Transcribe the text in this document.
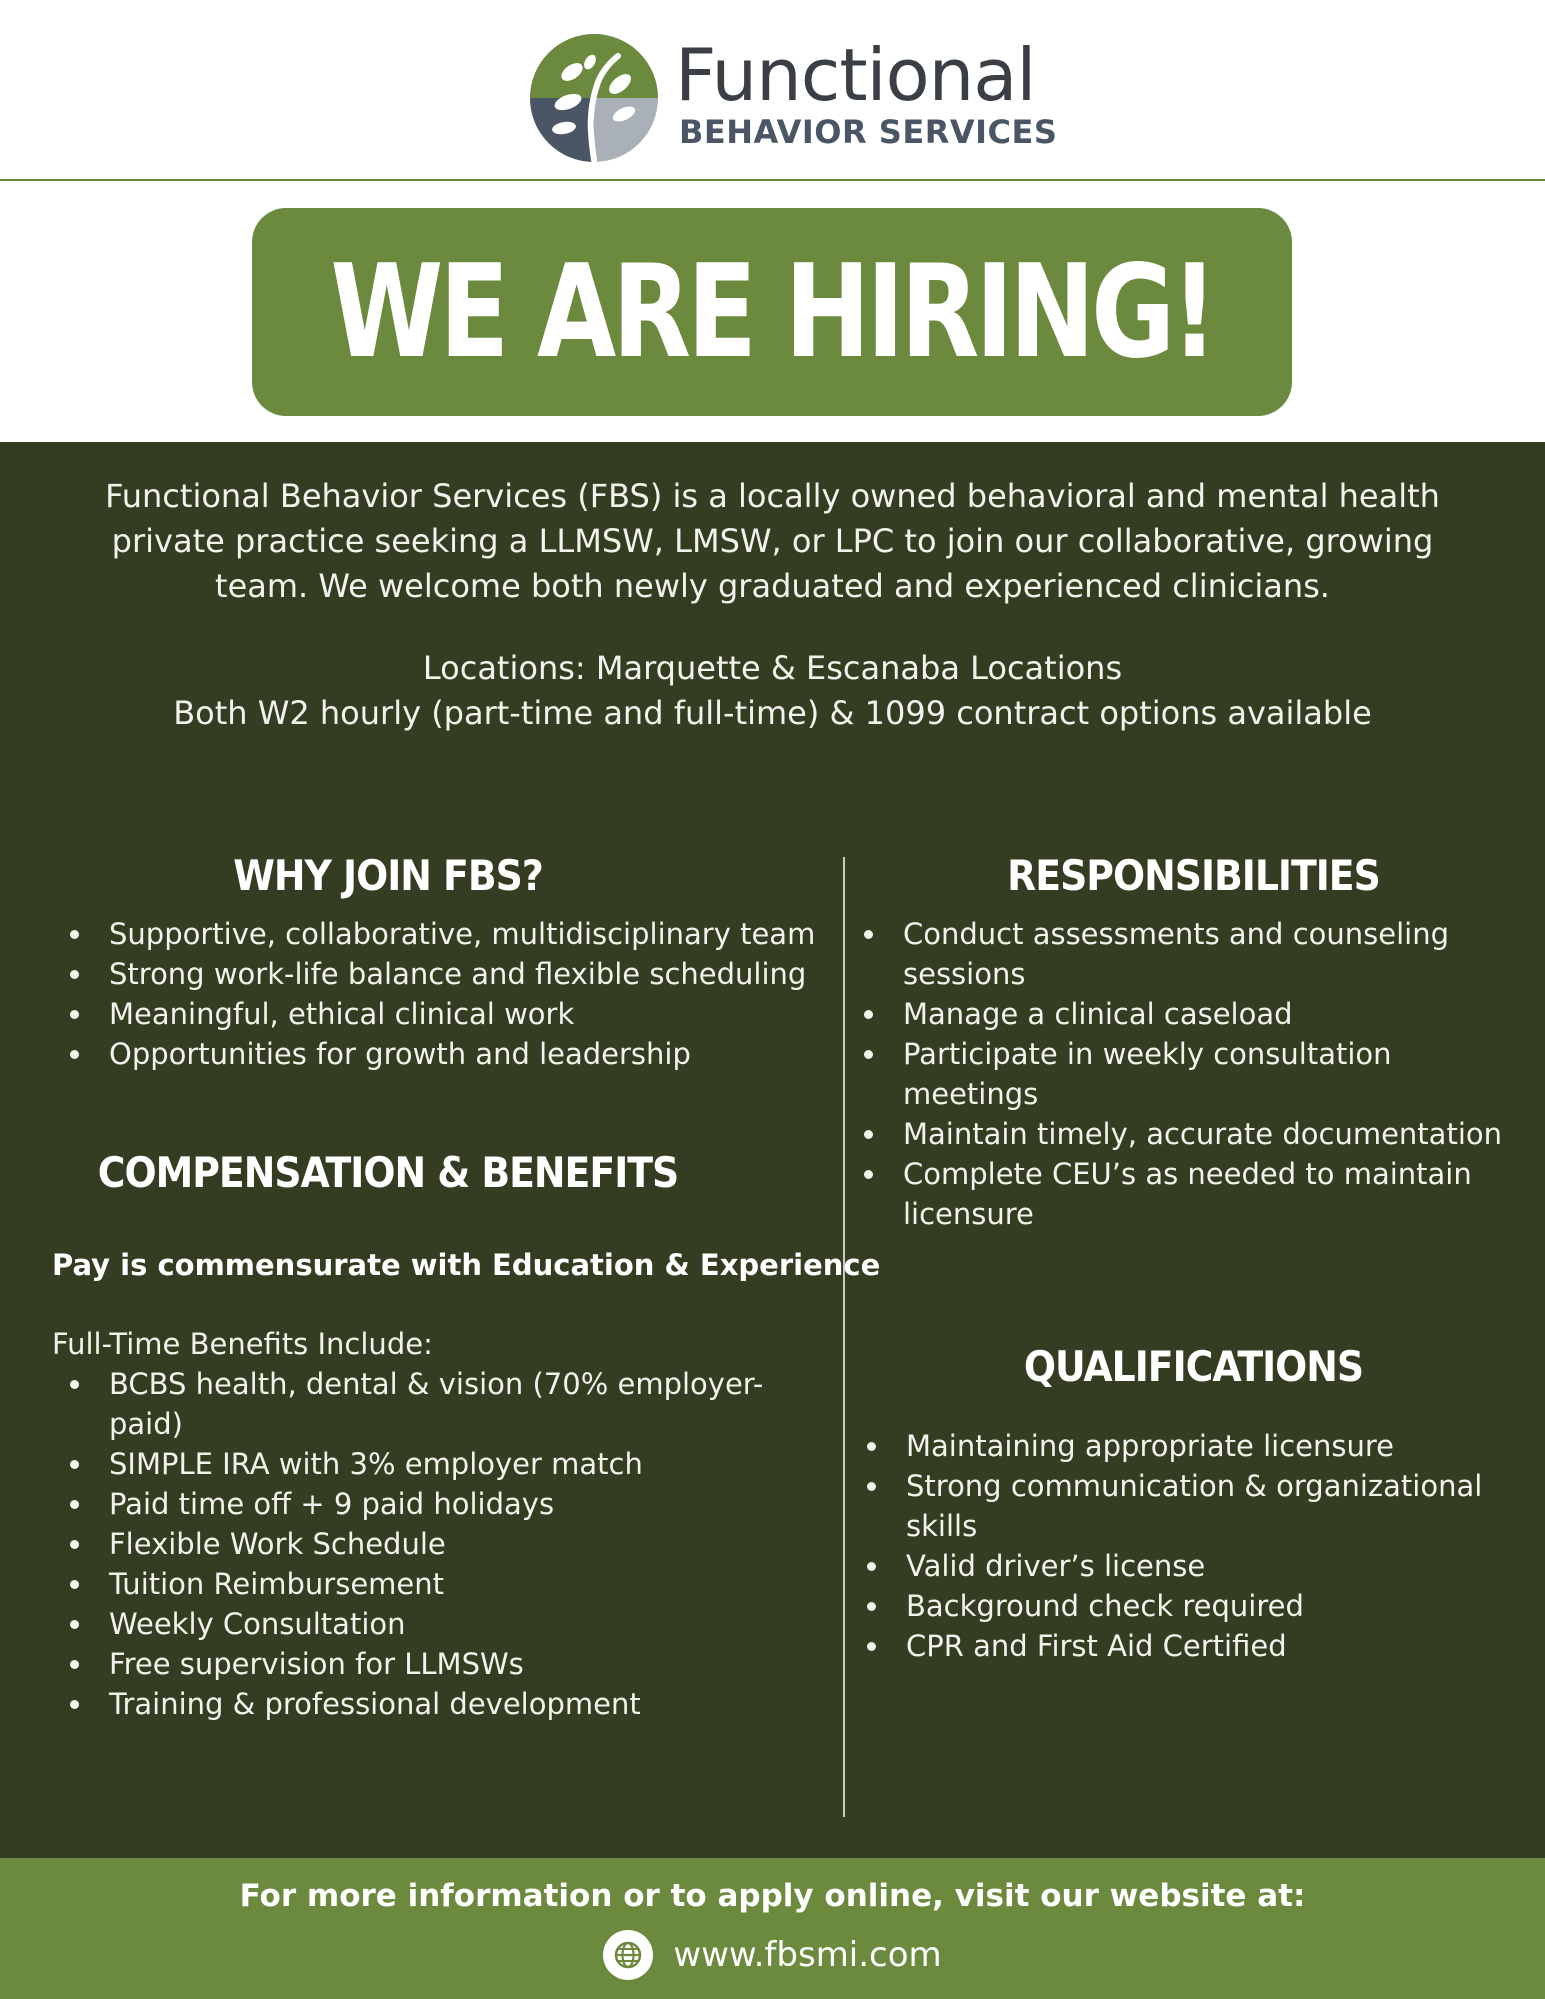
Functional
BEHAVIOR SERVICES
WE ARE HIRING!

Functional Behavior Services (FBS) is a locally owned behavioral and mental health

private practice seeking a LLMSW, LMSW, or LPC to join our collaborative, growing

team. We welcome both newly graduated and experienced clinicians.

Locations: Marquette & Escanaba Locations

Both W2 hourly (part-time and full-time) & 1099 contract options available

WHY JOIN FBS?
Supportive, collaborative, multidisciplinary team
Strong work-life balance and flexible scheduling
Meaningful, ethical clinical work
Opportunities for growth and leadership
COMPENSATION & BENEFITS
Pay is commensurate with Education & Experience
Full-Time Benefits Include:
BCBS health, dental & vision (70% employer-paid)
SIMPLE IRA with 3% employer match
Paid time off + 9 paid holidays
Flexible Work Schedule
Tuition Reimbursement
Weekly Consultation
Free supervision for LLMSWs
Training & professional development
RESPONSIBILITIES
Conduct assessments and counseling sessions
Manage a clinical caseload
Participate in weekly consultation meetings
Maintain timely, accurate documentation
Complete CEU’s as needed to maintain licensure
QUALIFICATIONS
Maintaining appropriate licensure
Strong communication & organizational skills
Valid driver’s license
Background check required
CPR and First Aid Certified
For more information or to apply online, visit our website at:
www.fbsmi.com
